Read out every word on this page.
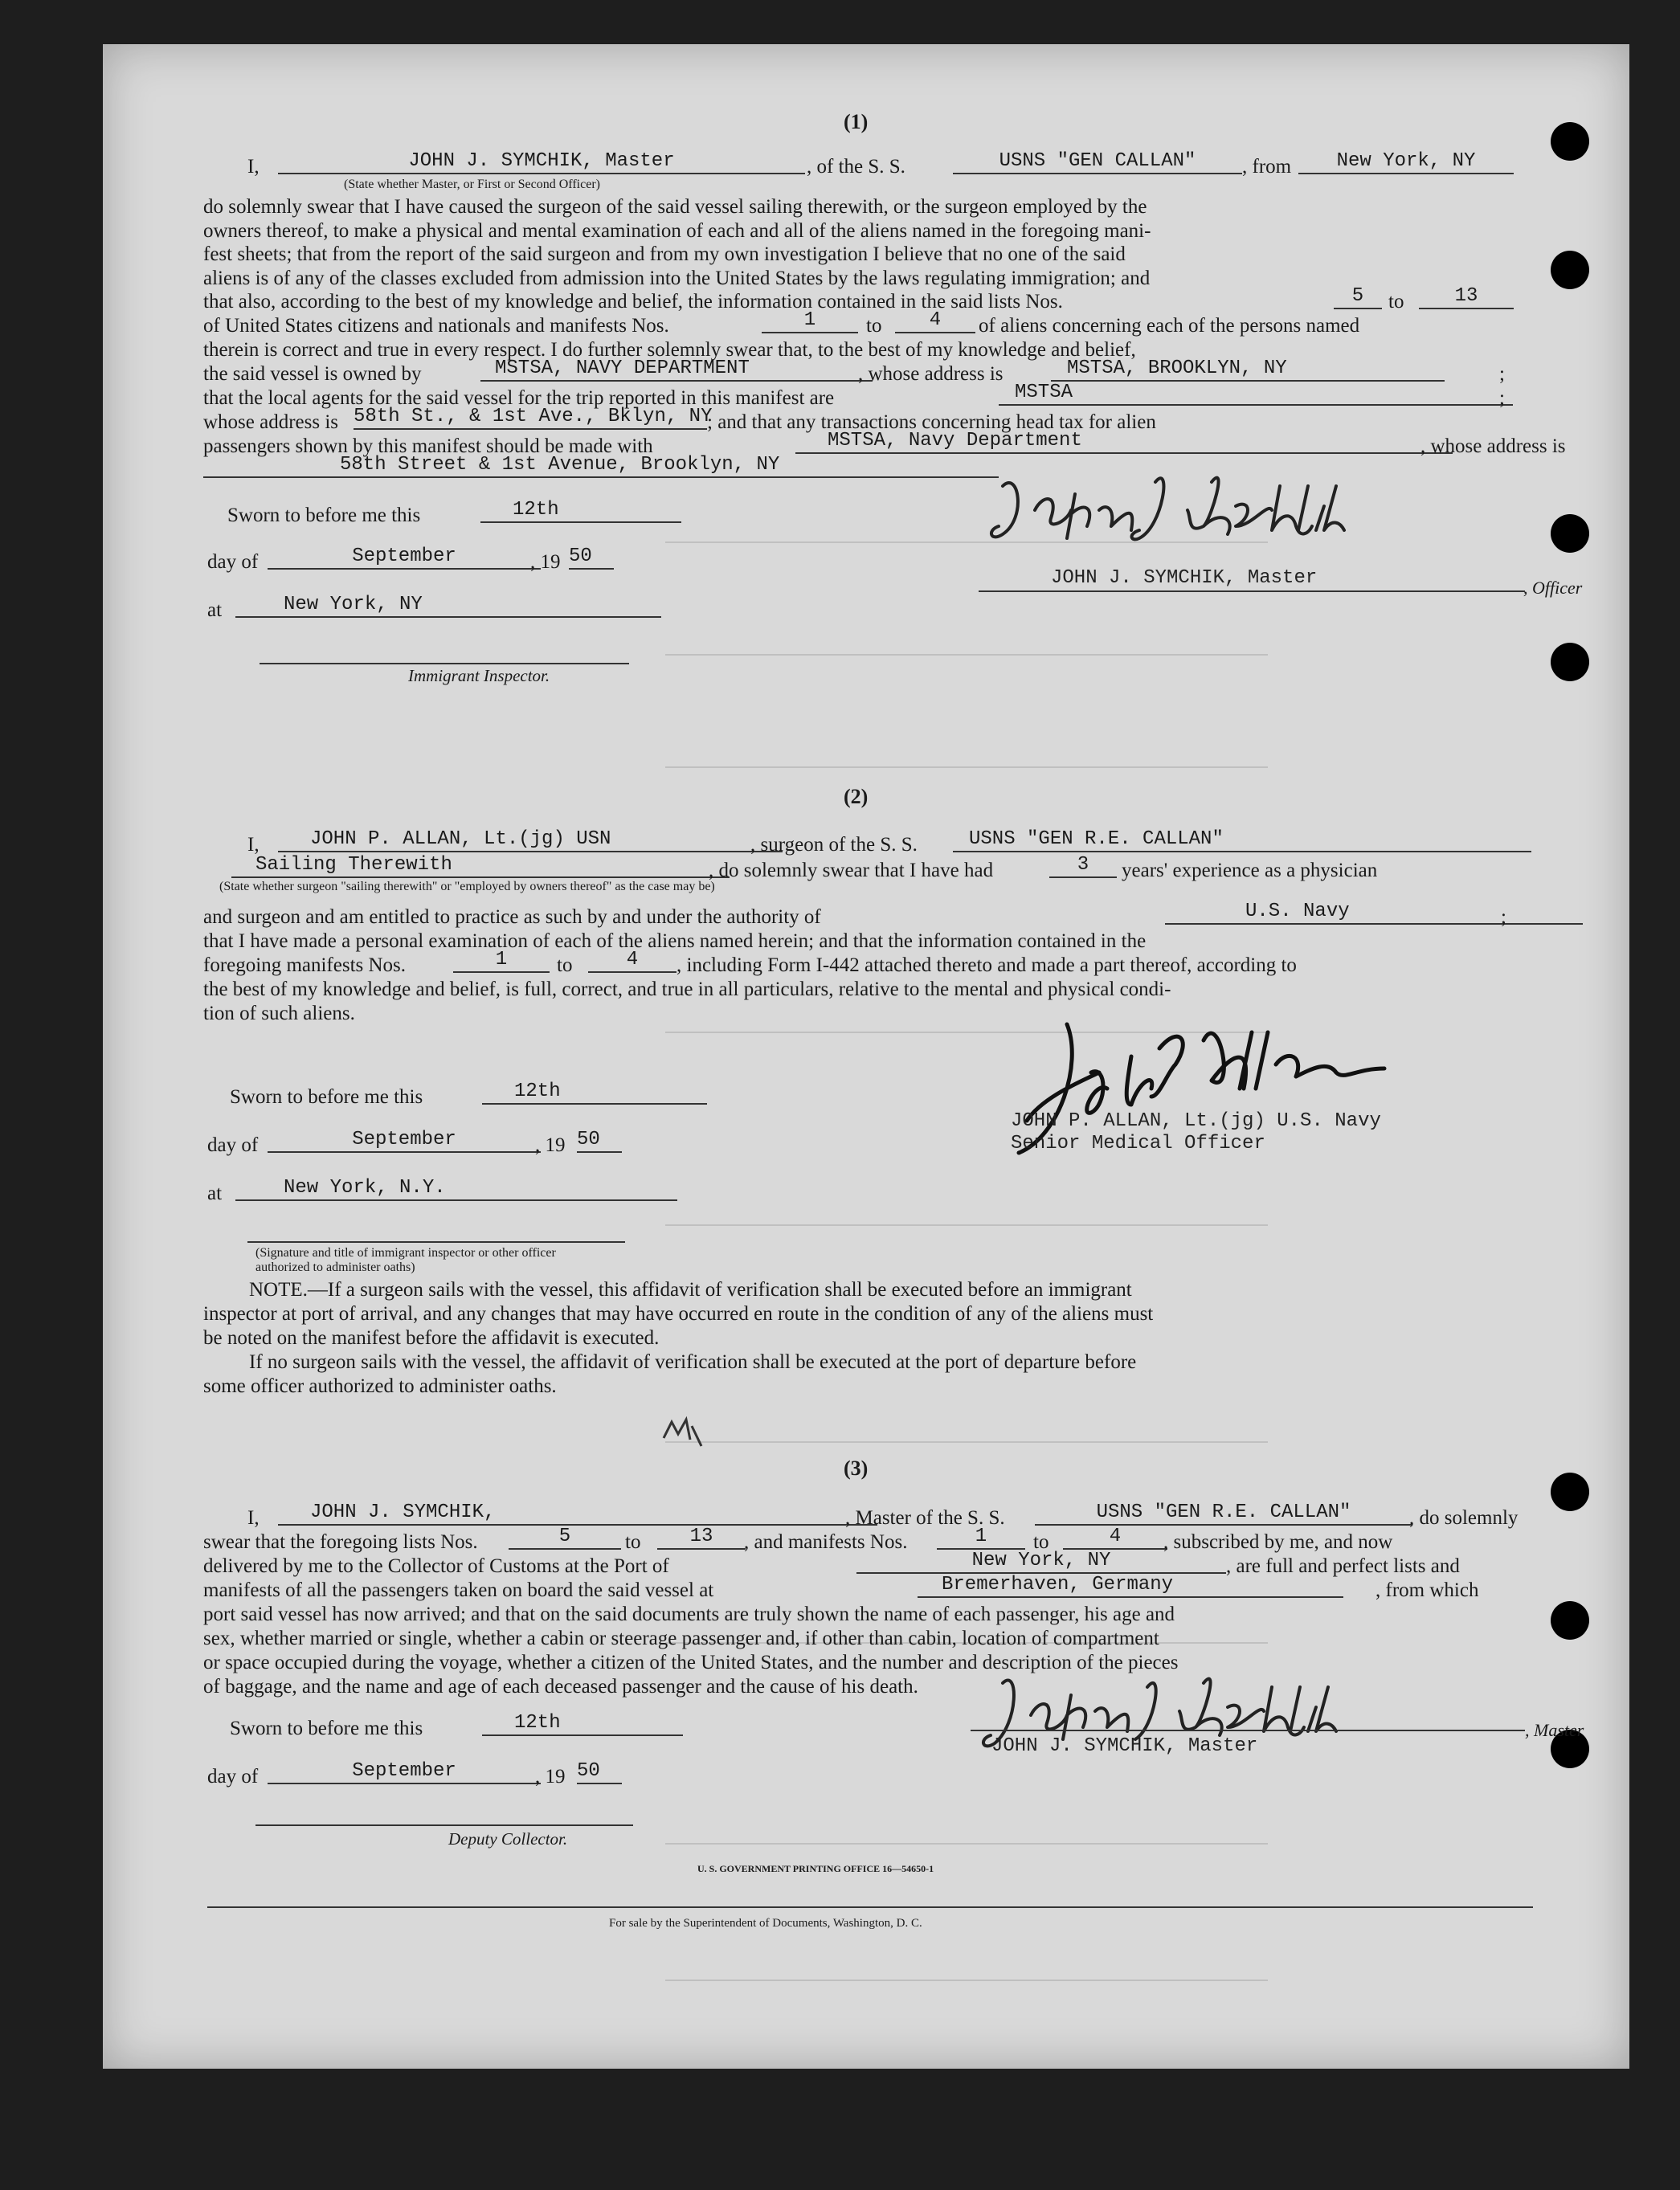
(1)
I,	JOHN J. SYMCHIK, Master	, of the S. S.	USNS "GEN CALLAN"	, from	New York, NY
(State whether Master, or First or Second Officer)
do solemnly swear that I have caused the surgeon of the said vessel sailing therewith, or the surgeon employed by the
owners thereof, to make a physical and mental examination of each and all of the aliens named in the foregoing mani-
fest sheets; that from the report of the said surgeon and from my own investigation I believe that no one of the said
aliens is of any of the classes excluded from admission into the United States by the laws regulating immigration; and
that also, according to the best of my knowledge and belief, the information contained in the said lists Nos.	5	to	13
of United States citizens and nationals and manifests Nos.	1	to	4	of aliens concerning each of the persons named
therein is correct and true in every respect. I do further solemnly swear that, to the best of my knowledge and belief,
the said vessel is owned by	MSTSA, NAVY DEPARTMENT	, whose address is	MSTSA, BROOKLYN, NY	;
that the local agents for the said vessel for the trip reported in this manifest are	MSTSA	;
whose address is 58th St., & 1st Ave., Bklyn, NY
; and that any transactions concerning head tax for alien
passengers shown by this manifest should be made with	MSTSA, Navy Department	, whose address is
58th Street & 1st Avenue, Brooklyn, NY
Sworn to before me this	12th
day of	September	, 19 50
at	New York, NY
Immigrant Inspector.
JOHN J. SYMCHIK, Master	, Officer
(2)
I,	JOHN P. ALLAN, Lt.(jg) USN	, surgeon of the S. S.	USNS "GEN R.E. CALLAN"
Sailing Therewith	, do solemnly swear that I have had	3	years' experience as a physician
(State whether surgeon "sailing therewith" or "employed by owners thereof" as the case may be)
and surgeon and am entitled to practice as such by and under the authority of	U.S. Navy	;
that I have made a personal examination of each of the aliens named herein; and that the information contained in the
foregoing manifests Nos.	1	to	4	, including Form I-442 attached thereto and made a part thereof, according to
the best of my knowledge and belief, is full, correct, and true in all particulars, relative to the mental and physical condi-
tion of such aliens.
Sworn to before me this	12th
day of	September	, 19 50
at	New York, N.Y.
(Signature and title of immigrant inspector or other officer authorized to administer oaths)
JOHN P. ALLAN, Lt.(jg) U.S. Navy
Senior Medical Officer
NOTE.—If a surgeon sails with the vessel, this affidavit of verification shall be executed before an immigrant
inspector at port of arrival, and any changes that may have occurred en route in the condition of any of the aliens must
be noted on the manifest before the affidavit is executed.
If no surgeon sails with the vessel, the affidavit of verification shall be executed at the port of departure before
some officer authorized to administer oaths.
(3)
I,	JOHN J. SYMCHIK,	, Master of the S. S.	USNS "GEN R.E. CALLAN"	, do solemnly
swear that the foregoing lists Nos.	5	to	13	, and manifests Nos.	1	to	4	, subscribed by me, and now
delivered by me to the Collector of Customs at the Port of	New York, NY	, are full and perfect lists and
manifests of all the passengers taken on board the said vessel at	Bremerhaven, Germany	, from which
port said vessel has now arrived; and that on the said documents are truly shown the name of each passenger, his age and
sex, whether married or single, whether a cabin or steerage passenger and, if other than cabin, location of compartment
or space occupied during the voyage, whether a citizen of the United States, and the number and description of the pieces
of baggage, and the name and age of each deceased passenger and the cause of his death.
Sworn to before me this	12th
day of	September	, 19 50
Deputy Collector.
JOHN J. SYMCHIK, Master
, Master
U. S. GOVERNMENT PRINTING OFFICE 16—54650-1
For sale by the Superintendent of Documents, Washington, D. C.
